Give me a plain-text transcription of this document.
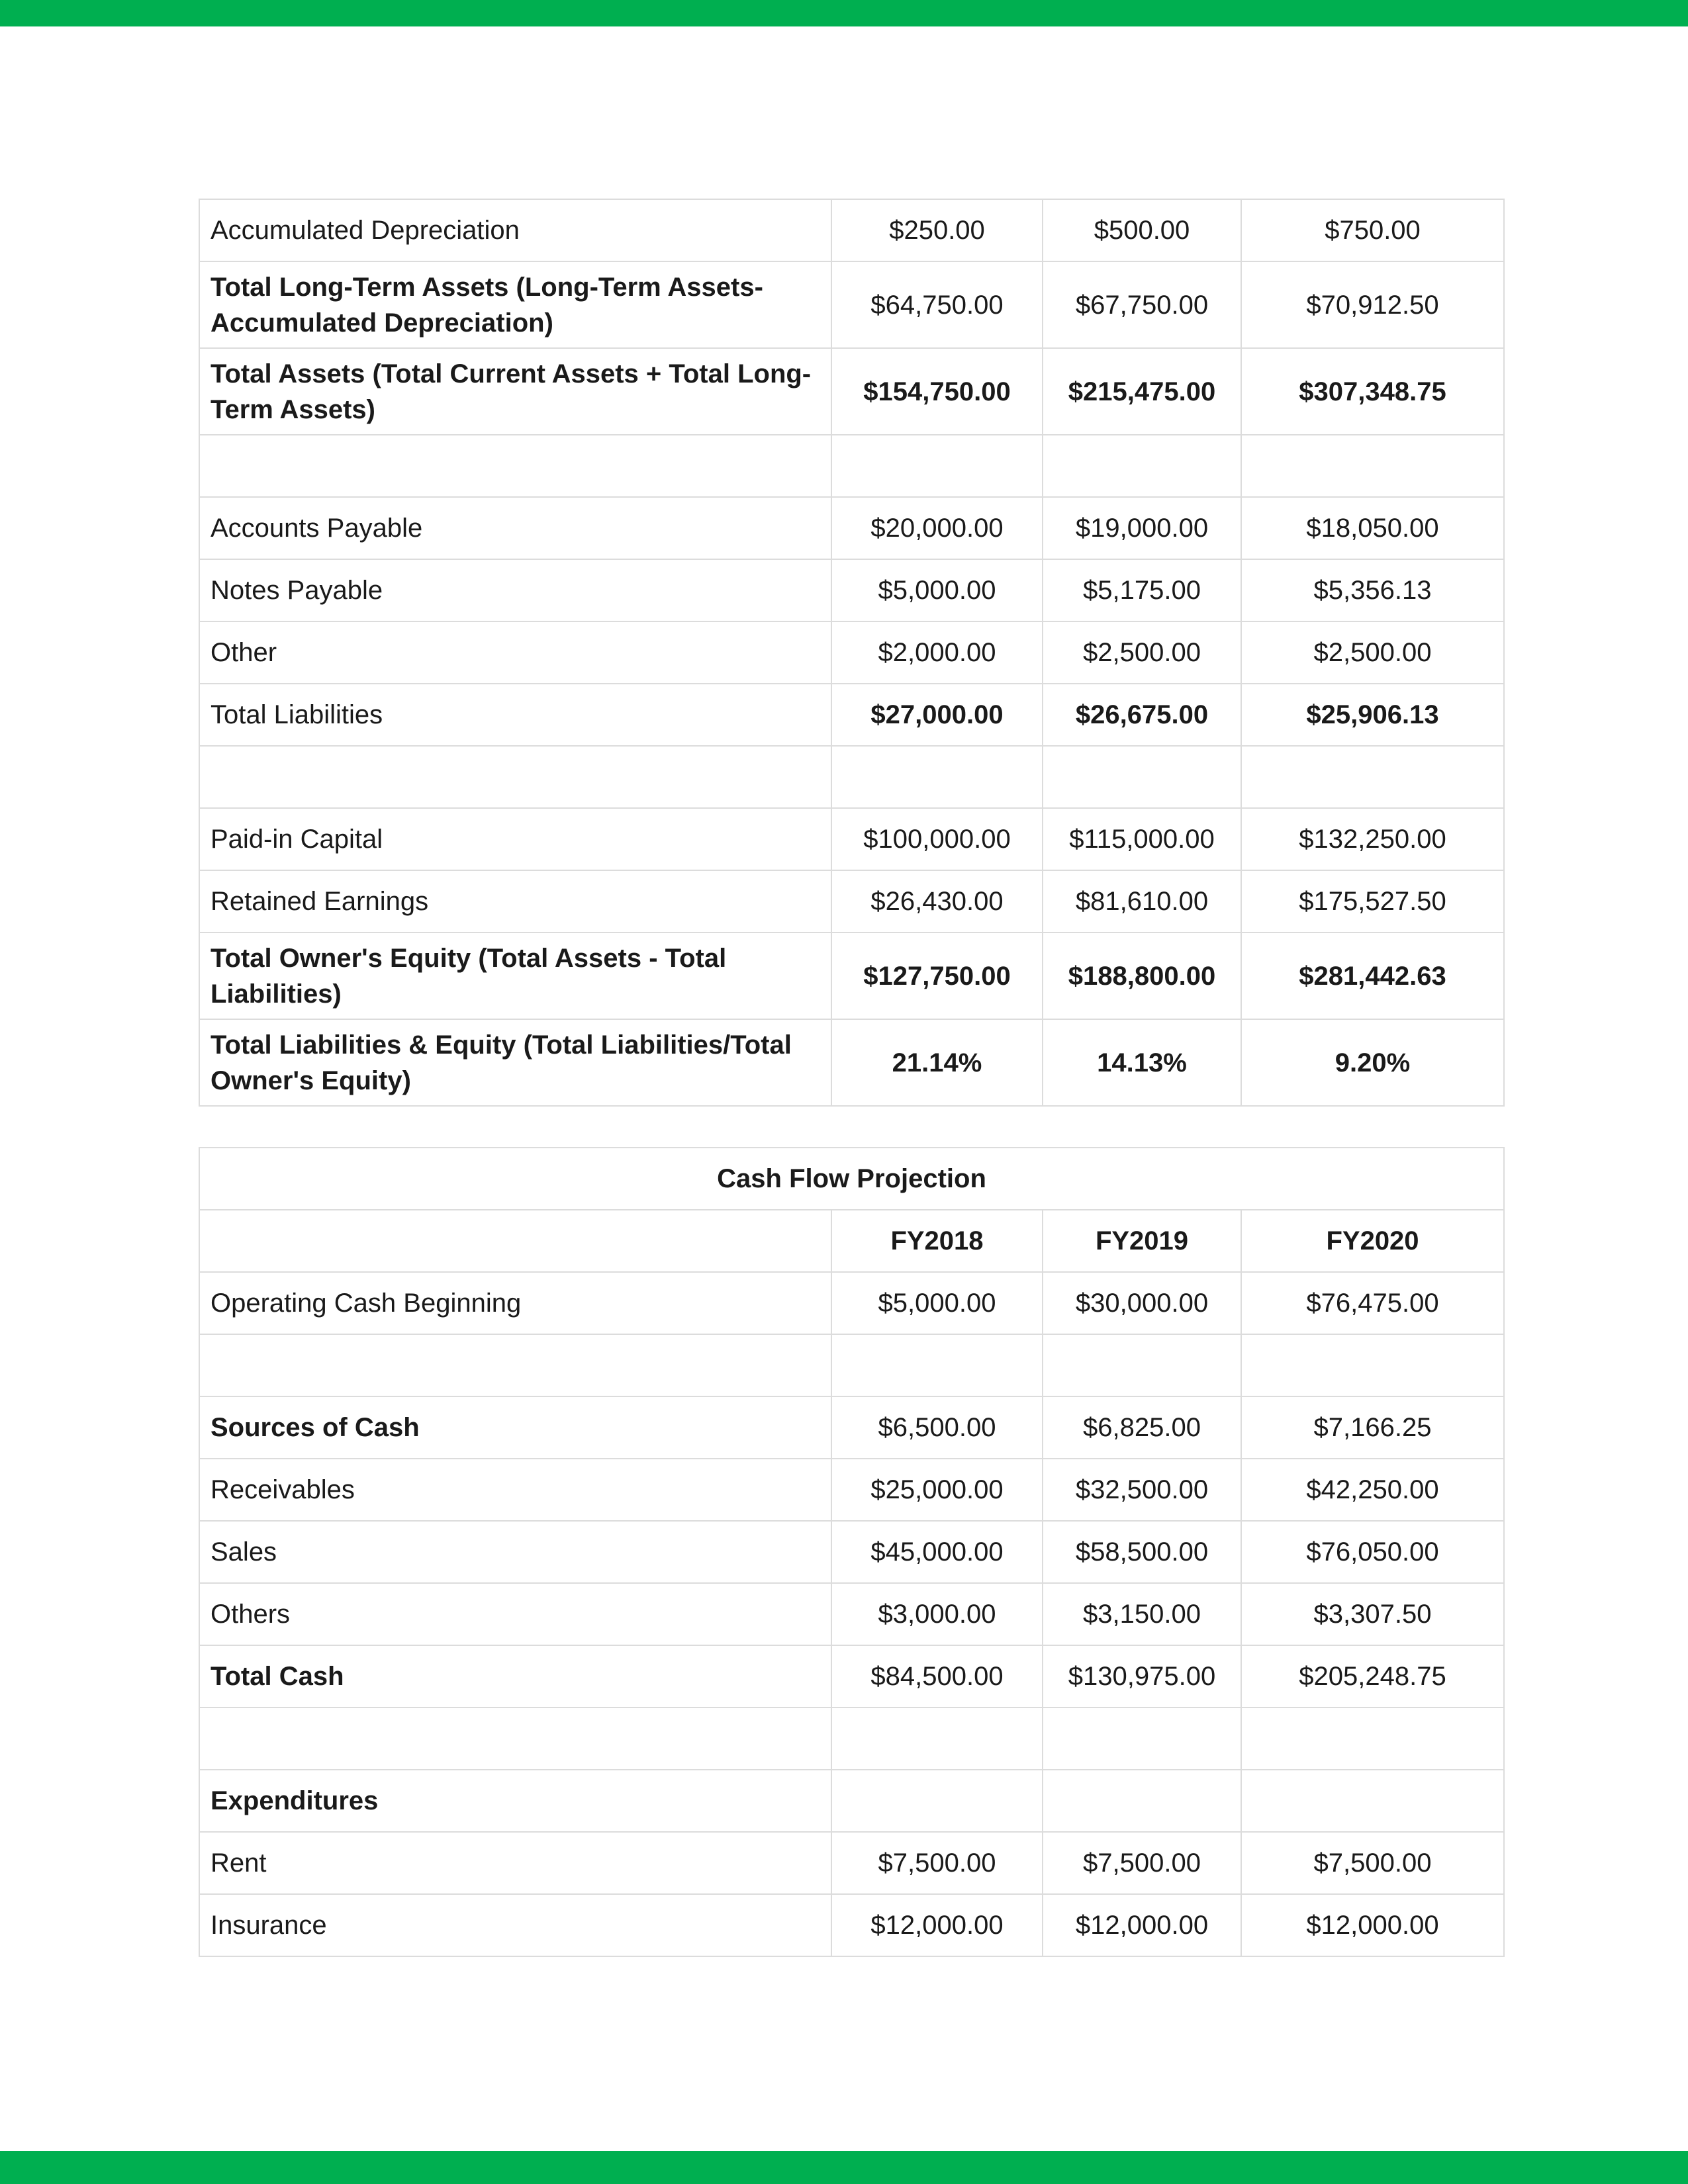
Accumulated Depreciation	$250.00	$500.00	$750.00
Total Long-Term Assets (Long-Term Assets-Accumulated Depreciation)	$64,750.00	$67,750.00	$70,912.50
Total Assets (Total Current Assets + Total Long-Term Assets)	$154,750.00	$215,475.00	$307,348.75

Accounts Payable	$20,000.00	$19,000.00	$18,050.00
Notes Payable	$5,000.00	$5,175.00	$5,356.13
Other	$2,000.00	$2,500.00	$2,500.00
Total Liabilities	$27,000.00	$26,675.00	$25,906.13

Paid-in Capital	$100,000.00	$115,000.00	$132,250.00
Retained Earnings	$26,430.00	$81,610.00	$175,527.50
Total Owner's Equity (Total Assets - Total Liabilities)	$127,750.00	$188,800.00	$281,442.63
Total Liabilities & Equity (Total Liabilities/Total Owner's Equity)	21.14%	14.13%	9.20%
Cash Flow Projection			
	FY2018	FY2019	FY2020
Operating Cash Beginning	$5,000.00	$30,000.00	$76,475.00

Sources of Cash	$6,500.00	$6,825.00	$7,166.25
Receivables	$25,000.00	$32,500.00	$42,250.00
Sales	$45,000.00	$58,500.00	$76,050.00
Others	$3,000.00	$3,150.00	$3,307.50
Total Cash	$84,500.00	$130,975.00	$205,248.75

Expenditures			
Rent	$7,500.00	$7,500.00	$7,500.00
Insurance	$12,000.00	$12,000.00	$12,000.00
